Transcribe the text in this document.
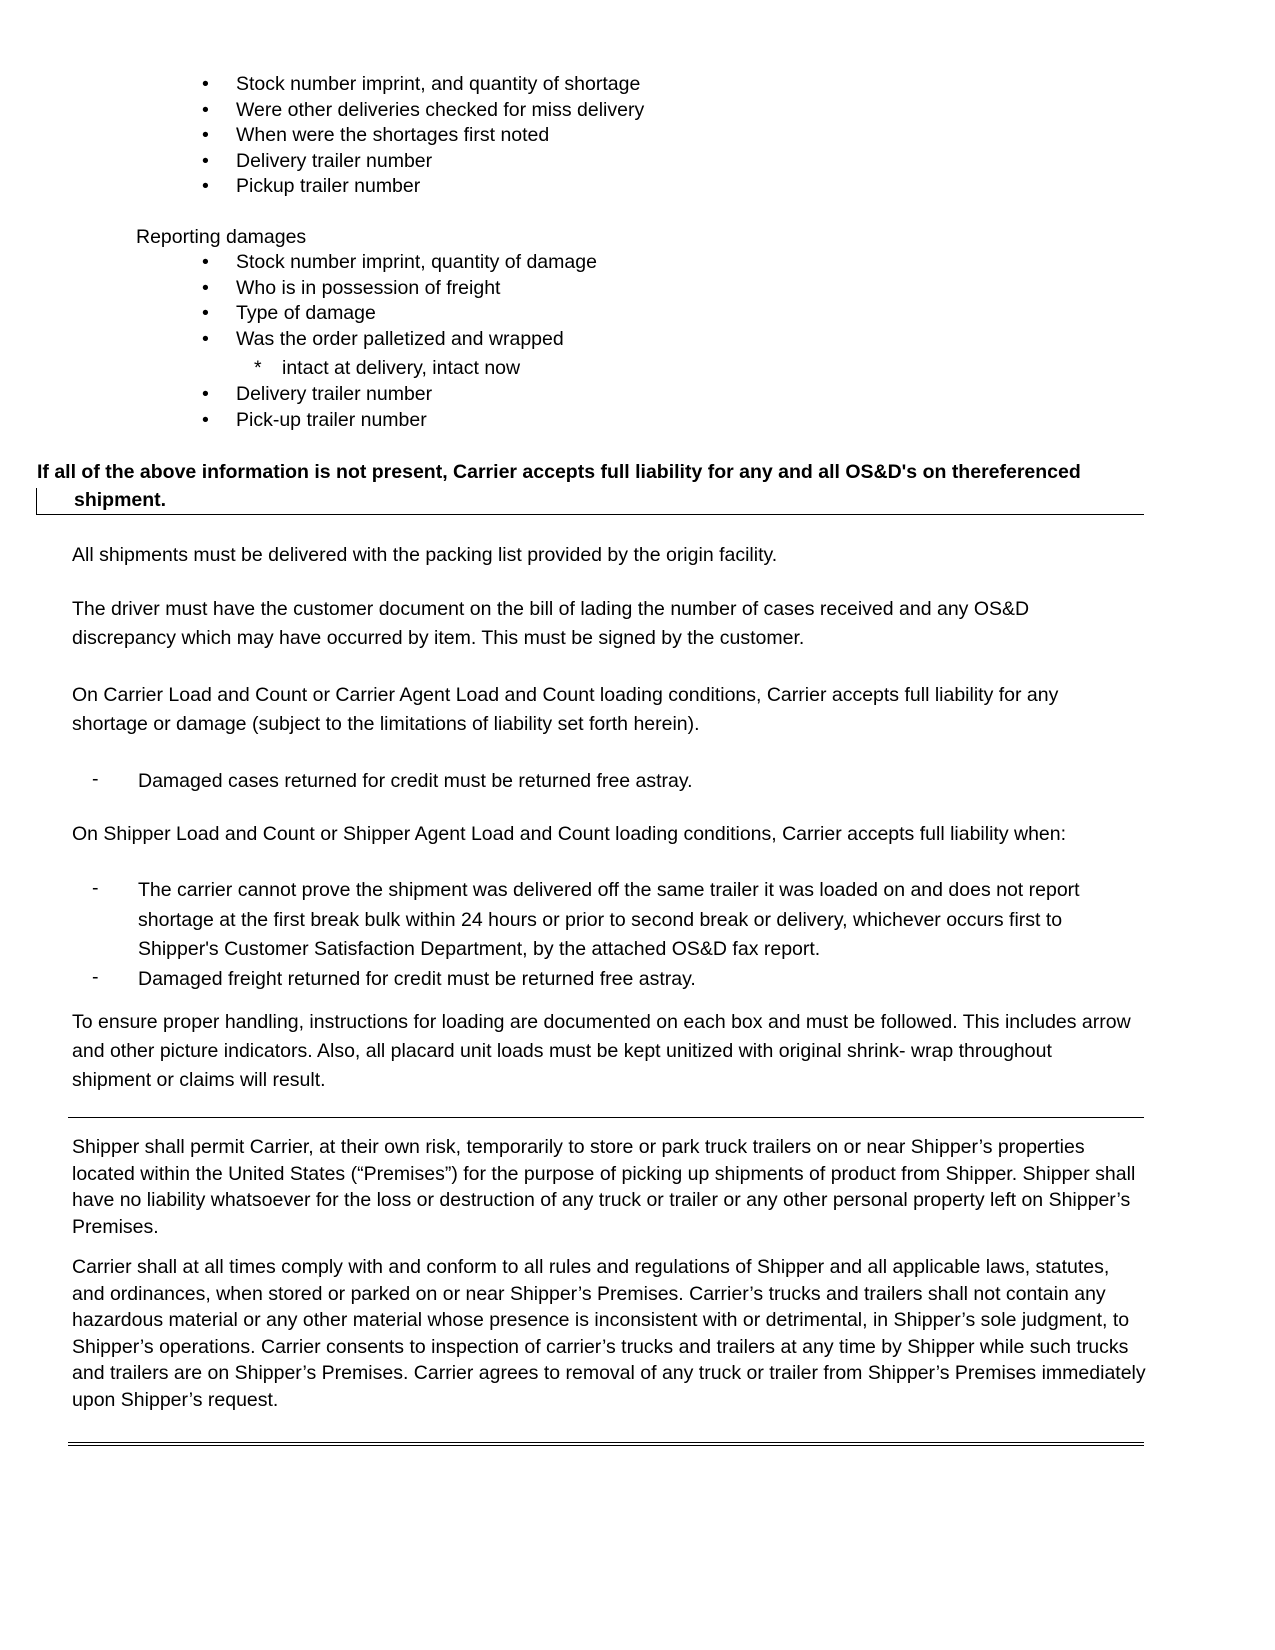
• Stock number imprint, and quantity of shortage
• Were other deliveries checked for miss delivery
• When were the shortages first noted
• Delivery trailer number
• Pickup trailer number
Reporting damages
• Stock number imprint, quantity of damage
• Who is in possession of freight
• Type of damage
• Was the order palletized and wrapped
* intact at delivery, intact now
• Delivery trailer number
• Pick-up trailer number
If all of the above information is not present, Carrier accepts full liability for any and all OS&D's on thereferenced
shipment.

All shipments must be delivered with the packing list provided by the origin facility.

The driver must have the customer document on the bill of lading the number of cases received and any OS&D discrepancy which may have occurred by item. This must be signed by the customer.

On Carrier Load and Count or Carrier Agent Load and Count loading conditions, Carrier accepts full liability for any shortage or damage (subject to the limitations of liability set forth herein).

- Damaged cases returned for credit must be returned free astray.

On Shipper Load and Count or Shipper Agent Load and Count loading conditions, Carrier accepts full liability when:

- The carrier cannot prove the shipment was delivered off the same trailer it was loaded on and does not report shortage at the first break bulk within 24 hours or prior to second break or delivery, whichever occurs first to Shipper's Customer Satisfaction Department, by the attached OS&D fax report.
- Damaged freight returned for credit must be returned free astray.

To ensure proper handling, instructions for loading are documented on each box and must be followed. This includes arrow and other picture indicators. Also, all placard unit loads must be kept unitized with original shrink- wrap throughout shipment or claims will result.

Shipper shall permit Carrier, at their own risk, temporarily to store or park truck trailers on or near Shipper’s properties located within the United States (“Premises”) for the purpose of picking up shipments of product from Shipper. Shipper shall have no liability whatsoever for the loss or destruction of any truck or trailer or any other personal property left on Shipper’s Premises.

Carrier shall at all times comply with and conform to all rules and regulations of Shipper and all applicable laws, statutes, and ordinances, when stored or parked on or near Shipper’s Premises. Carrier’s trucks and trailers shall not contain any hazardous material or any other material whose presence is inconsistent with or detrimental, in Shipper’s sole judgment, to Shipper’s operations. Carrier consents to inspection of carrier’s trucks and trailers at any time by Shipper while such trucks and trailers are on Shipper’s Premises. Carrier agrees to removal of any truck or trailer from Shipper’s Premises immediately upon Shipper’s request.
